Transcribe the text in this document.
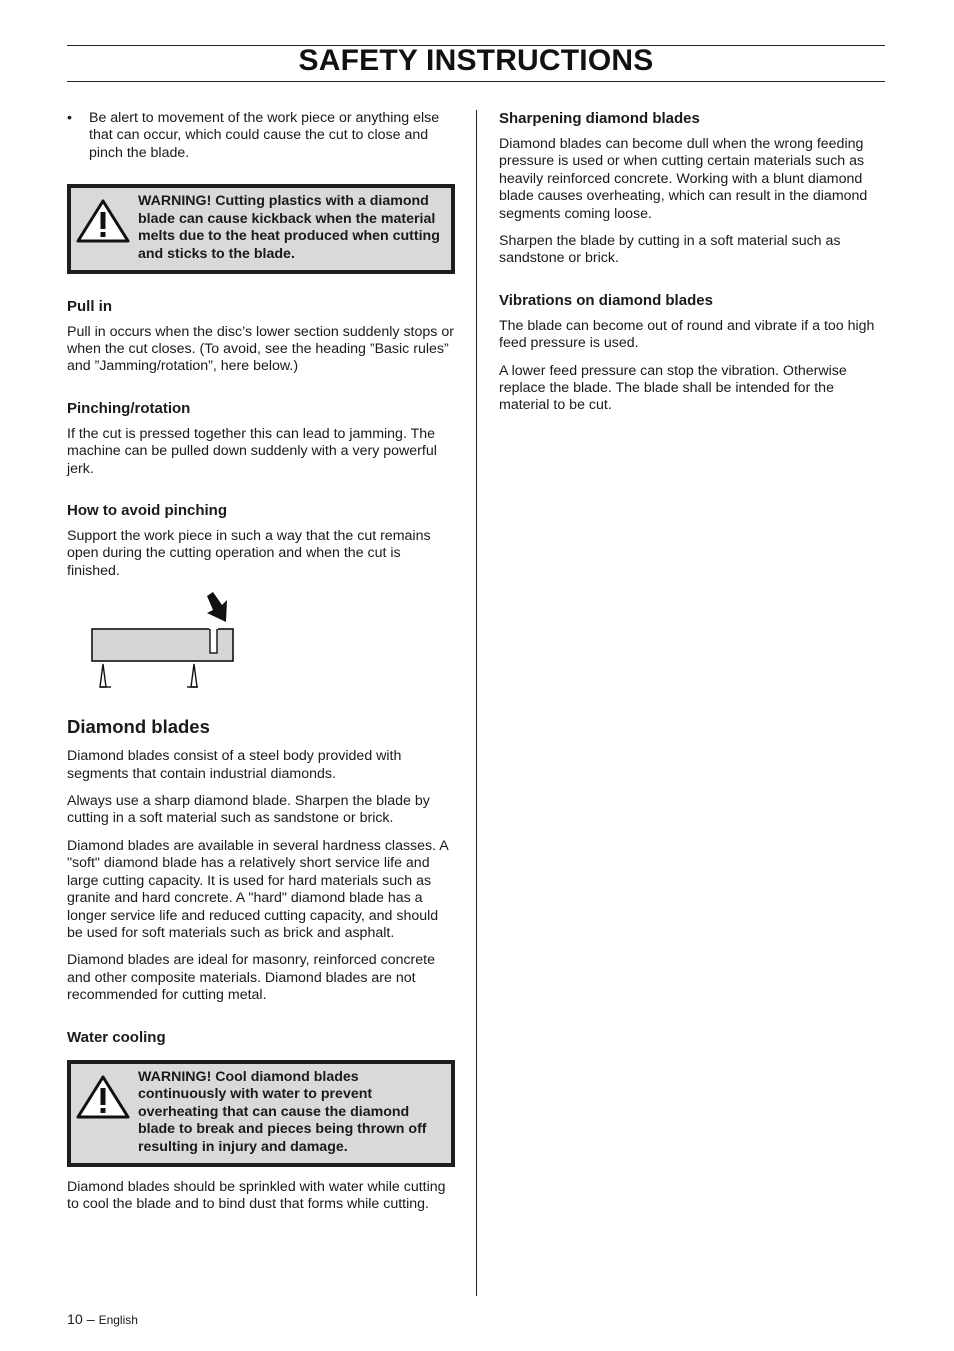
SAFETY INSTRUCTIONS
•	Be alert to movement of the work piece or anything else that can occur, which could cause the cut to close and pinch the blade.
WARNING! Cutting plastics with a diamond blade can cause kickback when the material melts due to the heat produced when cutting and sticks to the blade.
Pull in

Pull in occurs when the disc’s lower section suddenly stops or when the cut closes. (To avoid, see the heading ”Basic rules” and ”Jamming/rotation”, here below.)

Pinching/rotation

If the cut is pressed together this can lead to jamming. The machine can be pulled down suddenly with a very powerful jerk.

How to avoid pinching

Support the work piece in such a way that the cut remains open during the cutting operation and when the cut is finished.

Diamond blades

Diamond blades consist of a steel body provided with segments that contain industrial diamonds.

Always use a sharp diamond blade. Sharpen the blade by cutting in a soft material such as sandstone or brick.

Diamond blades are available in several hardness classes. A "soft" diamond blade has a relatively short service life and large cutting capacity. It is used for hard materials such as granite and hard concrete. A "hard" diamond blade has a longer service life and reduced cutting capacity, and should be used for soft materials such as brick and asphalt.

Diamond blades are ideal for masonry, reinforced concrete and other composite materials. Diamond blades are not recommended for cutting metal.

Water cooling
WARNING! Cool diamond blades continuously with water to prevent overheating that can cause the diamond blade to break and pieces being thrown off resulting in injury and damage.

Diamond blades should be sprinkled with water while cutting to cool the blade and to bind dust that forms while cutting.

Sharpening diamond blades

Diamond blades can become dull when the wrong feeding pressure is used or when cutting certain materials such as heavily reinforced concrete. Working with a blunt diamond blade causes overheating, which can result in the diamond segments coming loose.

Sharpen the blade by cutting in a soft material such as sandstone or brick.

Vibrations on diamond blades

The blade can become out of round and vibrate if a too high feed pressure is used.

A lower feed pressure can stop the vibration. Otherwise replace the blade. The blade shall be intended for the material to be cut.

10 – English
